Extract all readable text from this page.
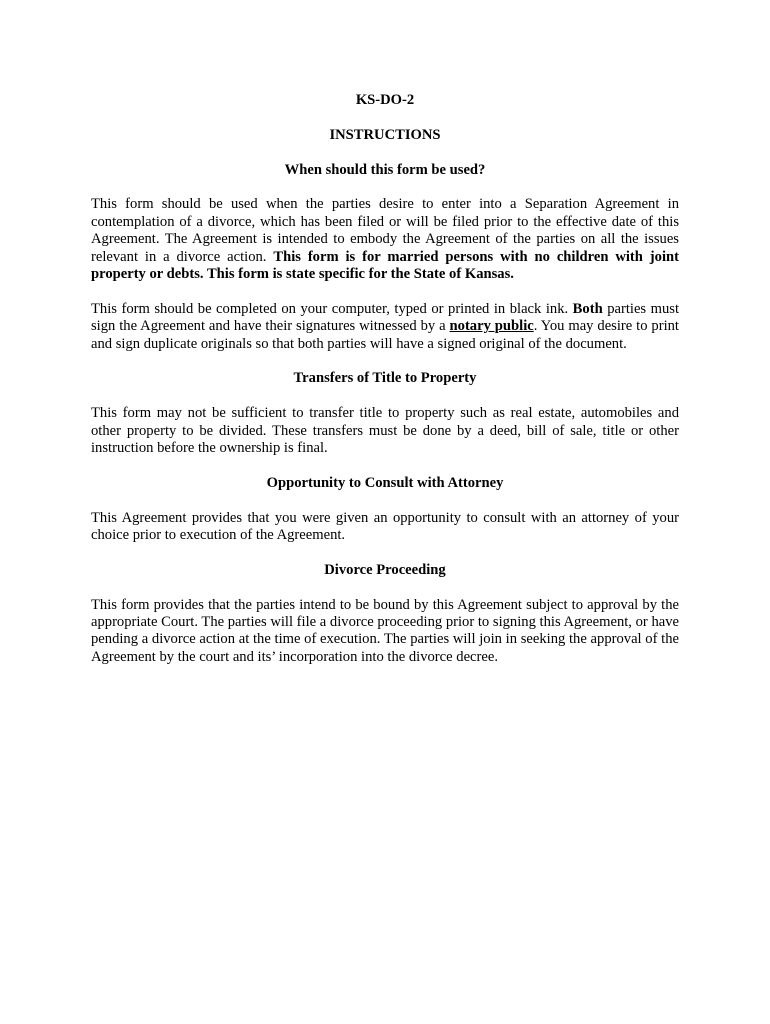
KS-DO-2

INSTRUCTIONS

When should this form be used?

This form should be used when the parties desire to enter into a Separation Agreement in contemplation of a divorce, which has been filed or will be filed prior to the effective date of this Agreement. The Agreement is intended to embody the Agreement of the parties on all the issues relevant in a divorce action. This form is for married persons with no children with joint property or debts. This form is state specific for the State of Kansas.

This form should be completed on your computer, typed or printed in black ink. Both parties must sign the Agreement and have their signatures witnessed by a notary public. You may desire to print and sign duplicate originals so that both parties will have a signed original of the document.

Transfers of Title to Property

This form may not be sufficient to transfer title to property such as real estate, automobiles and other property to be divided. These transfers must be done by a deed, bill of sale, title or other instruction before the ownership is final.

Opportunity to Consult with Attorney

This Agreement provides that you were given an opportunity to consult with an attorney of your choice prior to execution of the Agreement.

Divorce Proceeding

This form provides that the parties intend to be bound by this Agreement subject to approval by the appropriate Court. The parties will file a divorce proceeding prior to signing this Agreement, or have pending a divorce action at the time of execution. The parties will join in seeking the approval of the Agreement by the court and its’ incorporation into the divorce decree.
